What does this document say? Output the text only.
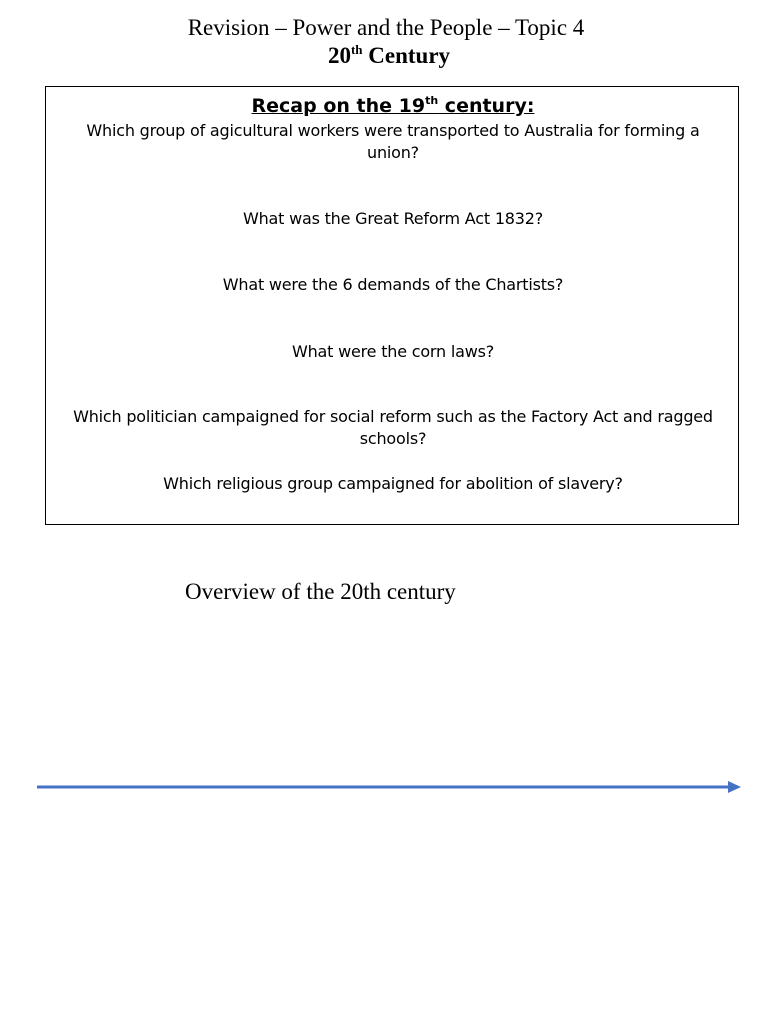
Revision – Power and the People – Topic 4
20th Century

Recap on the 19th century:

Which group of agicultural workers were transported to Australia for forming a union?

What was the Great Reform Act 1832?

What were the 6 demands of the Chartists?

What were the corn laws?

Which politician campaigned for social reform such as the Factory Act and ragged schools?

Which religious group campaigned for abolition of slavery?

Overview of the 20th century
